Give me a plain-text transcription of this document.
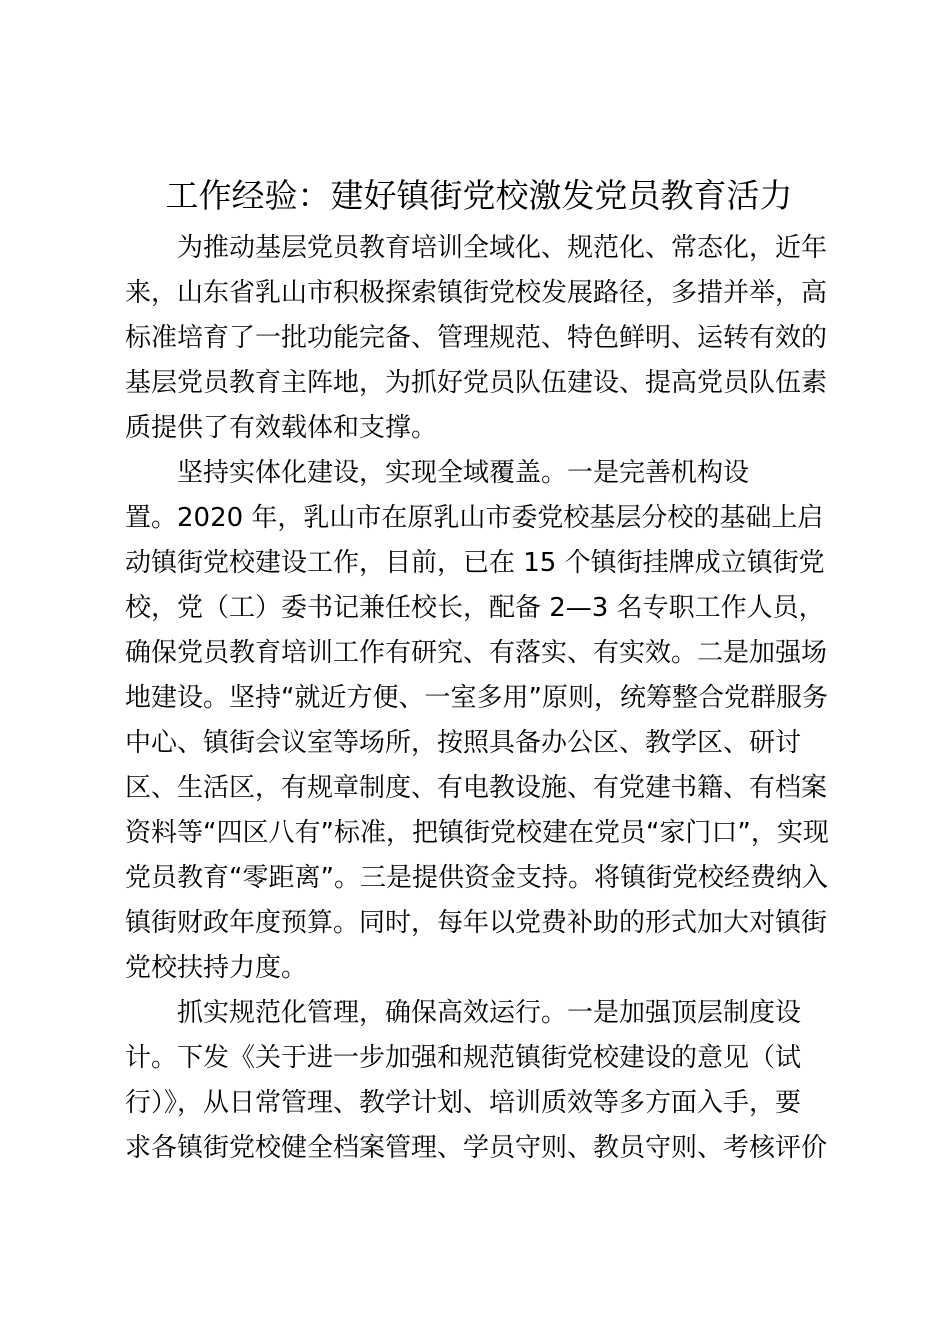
工作经验：建好镇街党校激发党员教育活力
为推动基层党员教育培训全域化、规范化、常态化，近年
来，山东省乳山市积极探索镇街党校发展路径，多措并举，高
标准培育了一批功能完备、管理规范、特色鲜明、运转有效的
基层党员教育主阵地，为抓好党员队伍建设、提高党员队伍素
质提供了有效载体和支撑。
坚持实体化建设，实现全域覆盖。一是完善机构设
置。2020 年，乳山市在原乳山市委党校基层分校的基础上启
动镇街党校建设工作，目前，已在 15 个镇街挂牌成立镇街党
校，党（工）委书记兼任校长，配备 2—3 名专职工作人员，
确保党员教育培训工作有研究、有落实、有实效。二是加强场
地建设。坚持“就近方便、一室多用”原则，统筹整合党群服务
中心、镇街会议室等场所，按照具备办公区、教学区、研讨
区、生活区，有规章制度、有电教设施、有党建书籍、有档案
资料等“四区八有”标准，把镇街党校建在党员“家门口”，实现
党员教育“零距离”。三是提供资金支持。将镇街党校经费纳入
镇街财政年度预算。同时，每年以党费补助的形式加大对镇街
党校扶持力度。
抓实规范化管理，确保高效运行。一是加强顶层制度设
计。下发《关于进一步加强和规范镇街党校建设的意见（试
行）》，从日常管理、教学计划、培训质效等多方面入手，要
求各镇街党校健全档案管理、学员守则、教员守则、考核评价
